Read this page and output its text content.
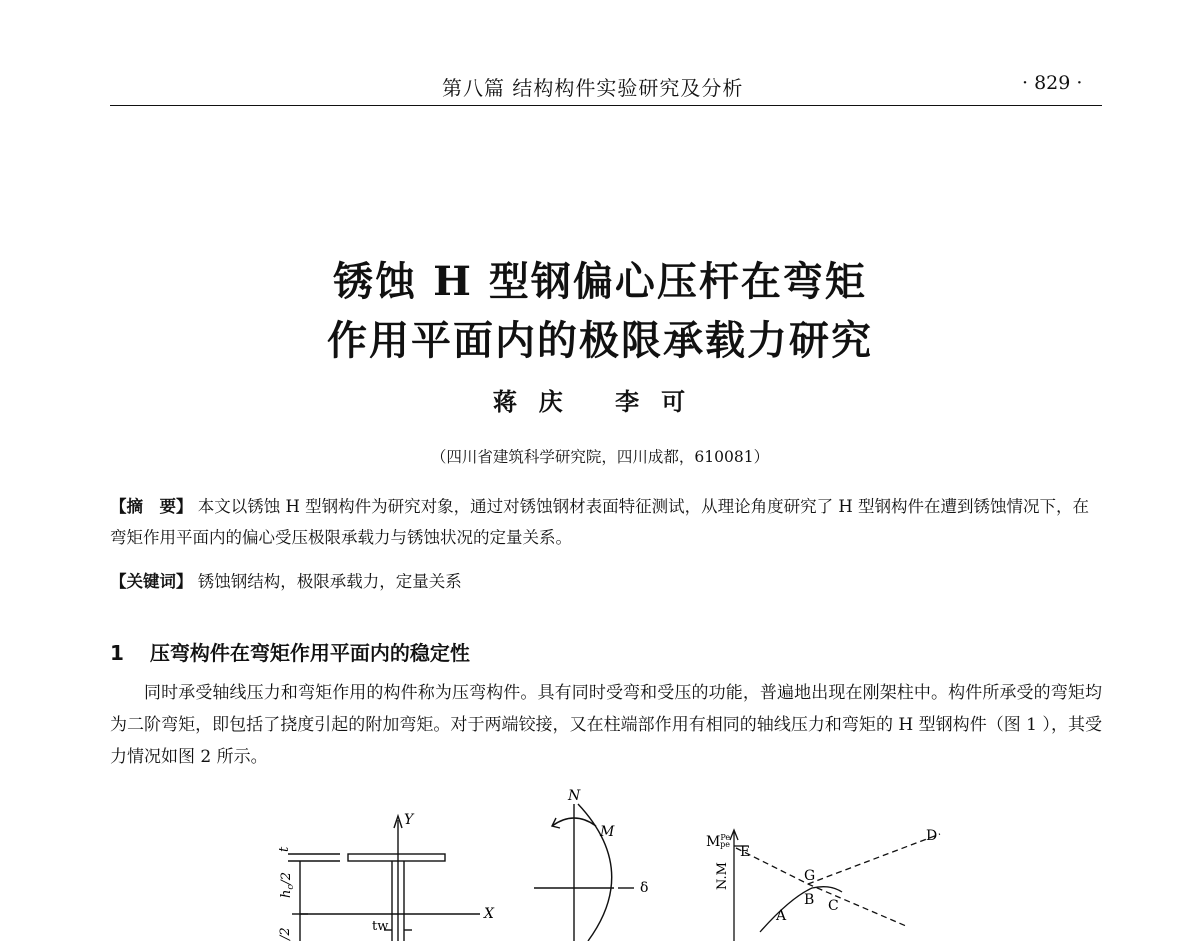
第八篇 结构构件实验研究及分析	· 829 ·
锈蚀 H 型钢偏心压杆在弯矩
作用平面内的极限承载力研究
蒋庆 李可
（四川省建筑科学研究院，四川成都，610081）
【摘　要】 本文以锈蚀 H 型钢构件为研究对象，通过对锈蚀钢材表面特征测试，从理论角度研究了 H 型钢构件在遭到锈蚀情况下，在弯矩作用平面内的偏心受压极限承载力与锈蚀状况的定量关系。
【关键词】 锈蚀钢结构，极限承载力，定量关系
1 压弯构件在弯矩作用平面内的稳定性

同时承受轴线压力和弯矩作用的构件称为压弯构件。具有同时受弯和受压的功能，普遍地出现在刚架柱中。构件所承受的弯矩均为二阶弯矩，即包括了挠度引起的附加弯矩。对于两端铰接，又在柱端部作用有相同的轴线压力和弯矩的 H 型钢构件（图 1 ），其受力情况如图 2 所示。

Y
X
t
$h_c/2$
tw
/2
N
M
δ
$M^{Pe}$ pe
N.M
E
D
G
B C
A
